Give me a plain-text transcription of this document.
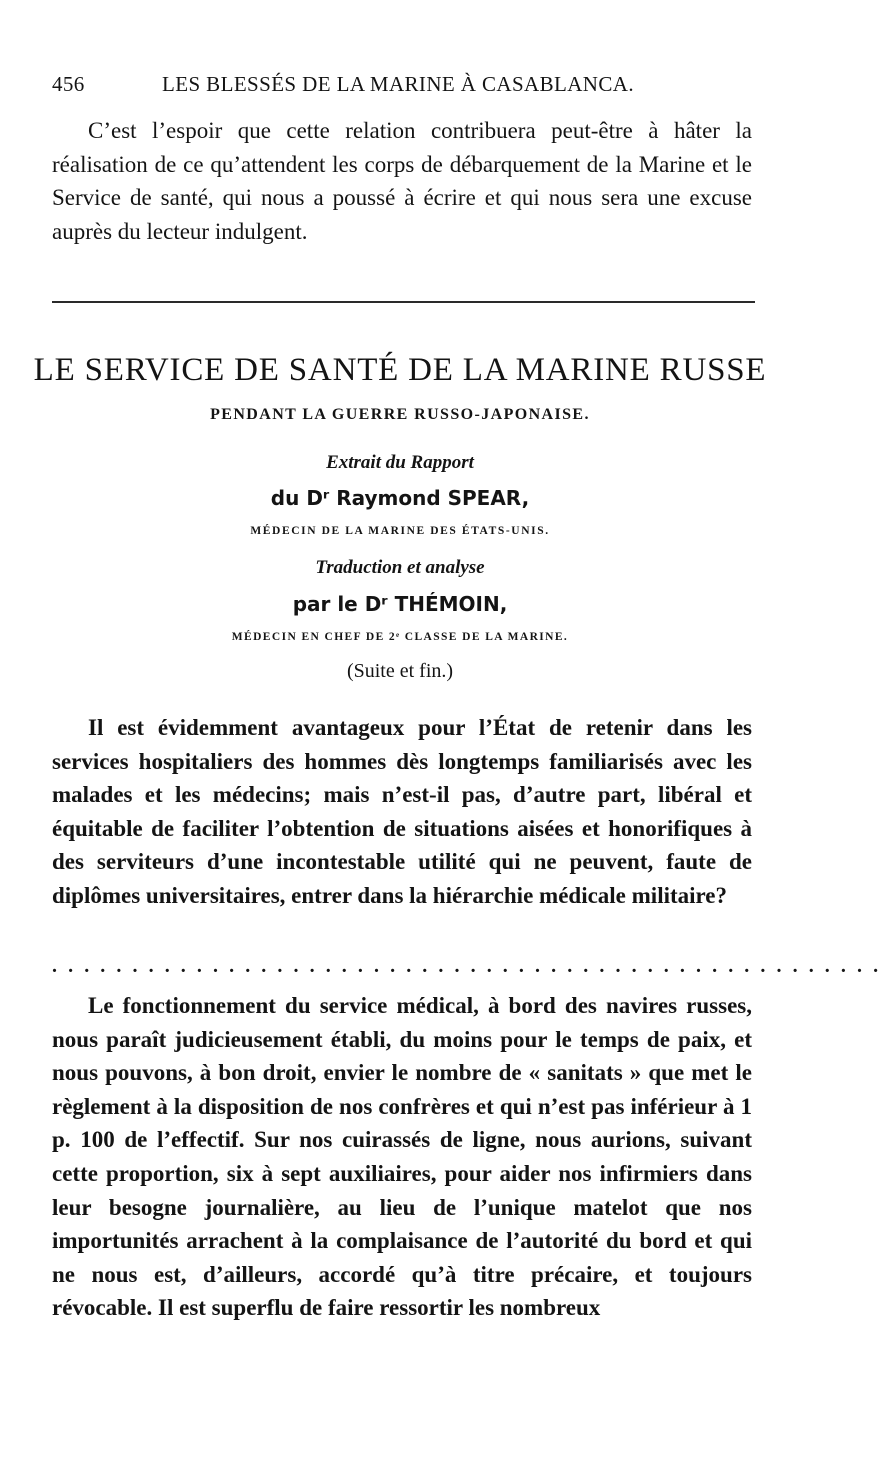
456	LES BLESSÉS DE LA MARINE À CASABLANCA.

C’est l’espoir que cette relation contribuera peut-être à hâter la réalisation de ce qu’attendent les corps de débarquement de la Marine et le Service de santé, qui nous a poussé à écrire et qui nous sera une excuse auprès du lecteur indulgent.

LE SERVICE DE SANTÉ DE LA MARINE RUSSE
PENDANT LA GUERRE RUSSO-JAPONAISE.
Extrait du Rapport
du Dʳ Raymond SPEAR,
MÉDECIN DE LA MARINE DES ÉTATS-UNIS.
Traduction et analyse
par le Dʳ THÉMOIN,
MÉDECIN EN CHEF DE 2ᵉ CLASSE DE LA MARINE.
(Suite et fin.)

Il est évidemment avantageux pour l’État de retenir dans les services hospitaliers des hommes dès longtemps familiarisés avec les malades et les médecins; mais n’est-il pas, d’autre part, libéral et équitable de faciliter l’obtention de situations aisées et honorifiques à des serviteurs d’une incontestable utilité qui ne peuvent, faute de diplômes universitaires, entrer dans la hiérarchie médicale militaire?

. . . . . . . . . . . . . . . . . . . . . . . . . . . . . . . . . . . . . . . . . . . . . . . . . . . .

Le fonctionnement du service médical, à bord des navires russes, nous paraît judicieusement établi, du moins pour le temps de paix, et nous pouvons, à bon droit, envier le nombre de « sanitats » que met le règlement à la disposition de nos confrères et qui n’est pas inférieur à 1 p. 100 de l’effectif. Sur nos cuirassés de ligne, nous aurions, suivant cette proportion, six à sept auxiliaires, pour aider nos infirmiers dans leur besogne journalière, au lieu de l’unique matelot que nos importunités arrachent à la complaisance de l’autorité du bord et qui ne nous est, d’ailleurs, accordé qu’à titre précaire, et toujours révocable. Il est superflu de faire ressortir les nombreux
